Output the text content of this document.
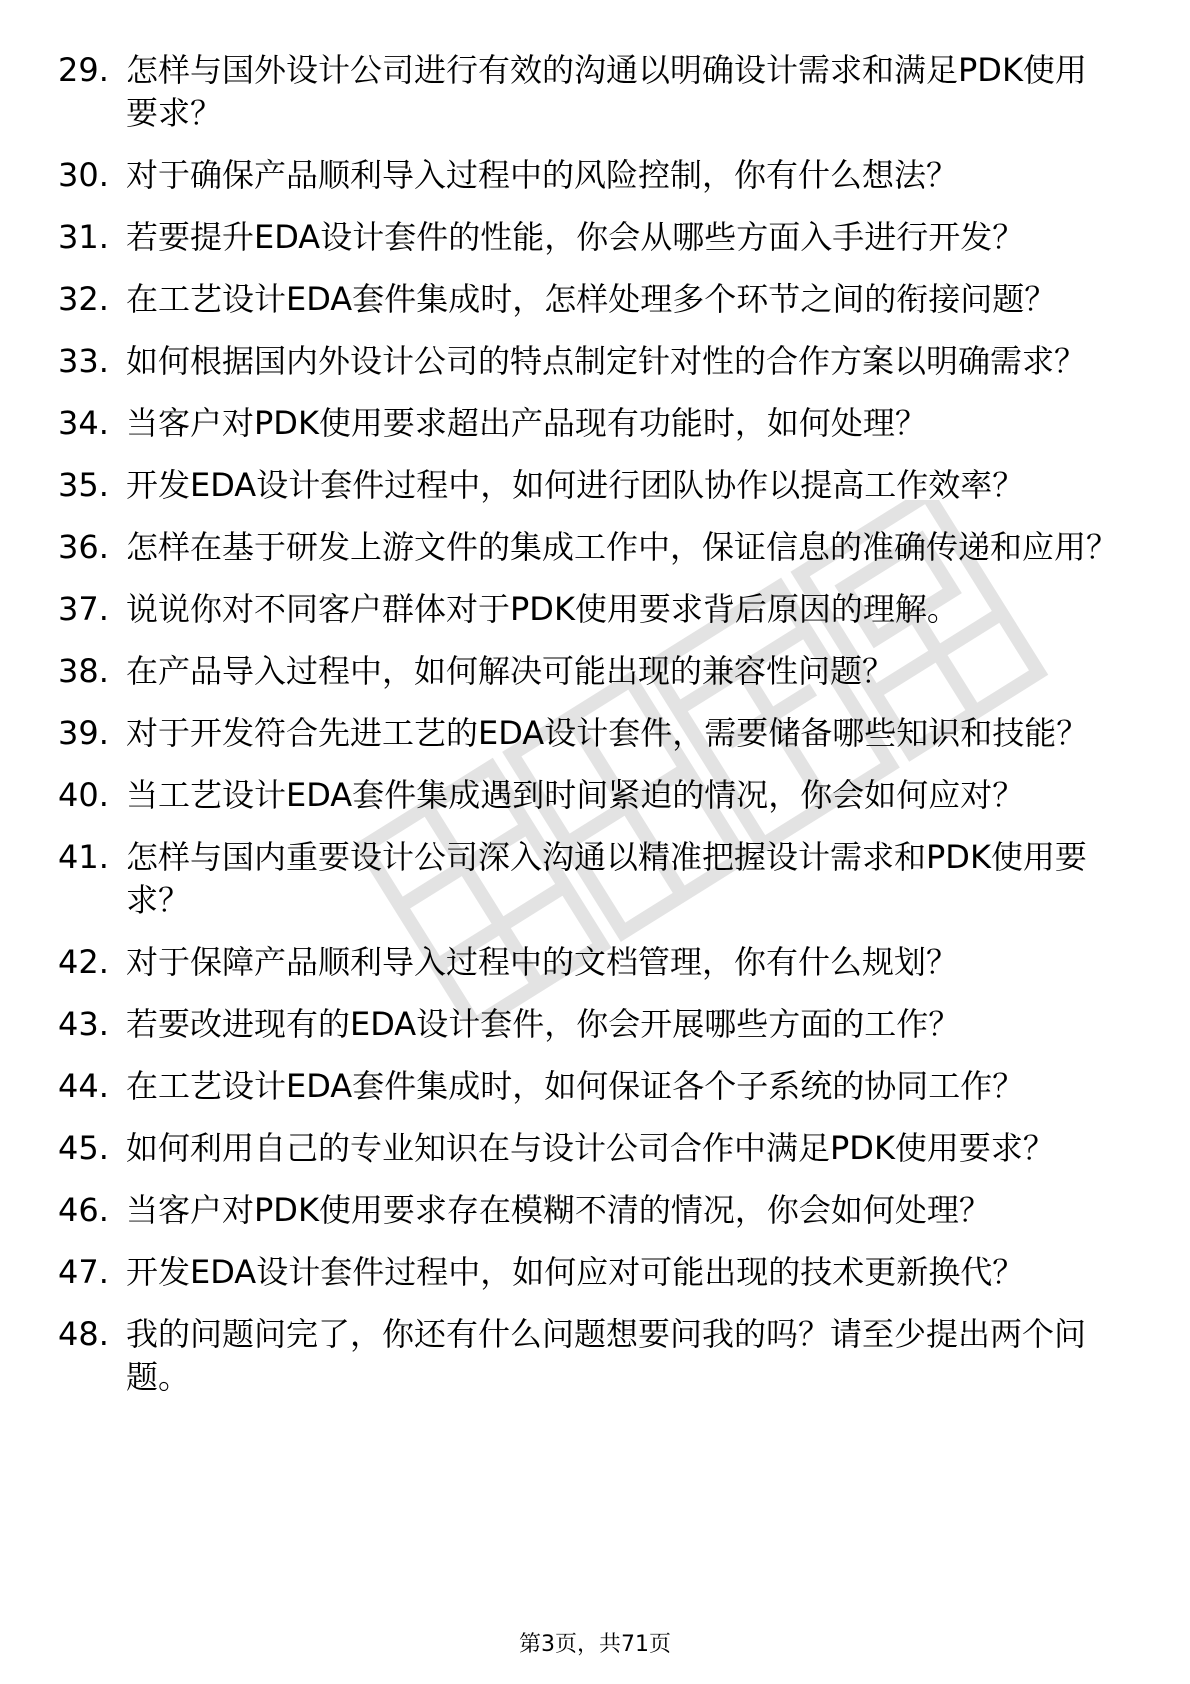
29. 怎样与国外设计公司进行有效的沟通以明确设计需求和满足PDK使用要求？
30. 对于确保产品顺利导入过程中的风险控制，你有什么想法？
31. 若要提升EDA设计套件的性能，你会从哪些方面入手进行开发？
32. 在工艺设计EDA套件集成时，怎样处理多个环节之间的衔接问题？
33. 如何根据国内外设计公司的特点制定针对性的合作方案以明确需求？
34. 当客户对PDK使用要求超出产品现有功能时，如何处理？
35. 开发EDA设计套件过程中，如何进行团队协作以提高工作效率？
36. 怎样在基于研发上游文件的集成工作中，保证信息的准确传递和应用？
37. 说说你对不同客户群体对于PDK使用要求背后原因的理解。
38. 在产品导入过程中，如何解决可能出现的兼容性问题？
39. 对于开发符合先进工艺的EDA设计套件，需要储备哪些知识和技能？
40. 当工艺设计EDA套件集成遇到时间紧迫的情况，你会如何应对？
41. 怎样与国内重要设计公司深入沟通以精准把握设计需求和PDK使用要求？
42. 对于保障产品顺利导入过程中的文档管理，你有什么规划？
43. 若要改进现有的EDA设计套件，你会开展哪些方面的工作？
44. 在工艺设计EDA套件集成时，如何保证各个子系统的协同工作？
45. 如何利用自己的专业知识在与设计公司合作中满足PDK使用要求？
46. 当客户对PDK使用要求存在模糊不清的情况，你会如何处理？
47. 开发EDA设计套件过程中，如何应对可能出现的技术更新换代？
48. 我的问题问完了，你还有什么问题想要问我的吗？请至少提出两个问题。
第3页，共71页
